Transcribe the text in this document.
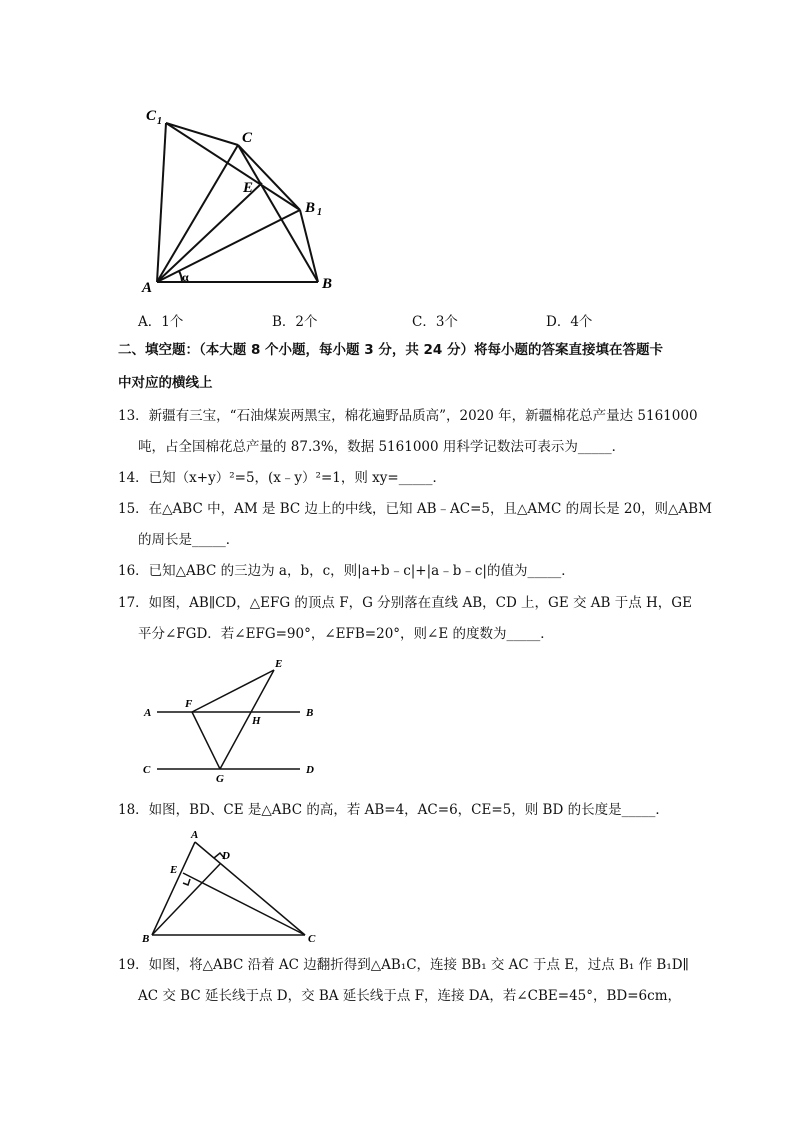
C 1
C
E
B 1
A	B
α
A．1个	B．2个	C．3个	D．4个
二、填空题：（本大题 8 个小题，每小题 3 分，共 24 分）将每小题的答案直接填在答题卡
中对应的横线上
13．新疆有三宝，“石油煤炭两黑宝，棉花遍野品质高”，2020 年，新疆棉花总产量达 5161000
吨，占全国棉花总产量的 87.3%，数据 5161000 用科学记数法可表示为_____．
14．已知（x+y）²=5，(x﹣y）²=1，则 xy=_____．
15．在△ABC 中，AM 是 BC 边上的中线，已知 AB﹣AC=5，且△AMC 的周长是 20，则△ABM
的周长是_____．
16．已知△ABC 的三边为 a，b，c，则|a+b﹣c|+|a﹣b﹣c|的值为_____．
17．如图，AB∥CD，△EFG 的顶点 F，G 分别落在直线 AB，CD 上，GE 交 AB 于点 H，GE
平分∠FGD．若∠EFG=90°，∠EFB=20°，则∠E 的度数为_____．
E
A
F
H
B
C
G
D
18．如图，BD、CE 是△ABC 的高，若 AB=4，AC=6，CE=5，则 BD 的长度是_____．
A
D
E
B	C
19．如图，将△ABC 沿着 AC 边翻折得到△AB₁C，连接 BB₁ 交 AC 于点 E，过点 B₁ 作 B₁D∥
AC 交 BC 延长线于点 D，交 BA 延长线于点 F，连接 DA，若∠CBE=45°，BD=6cm，
